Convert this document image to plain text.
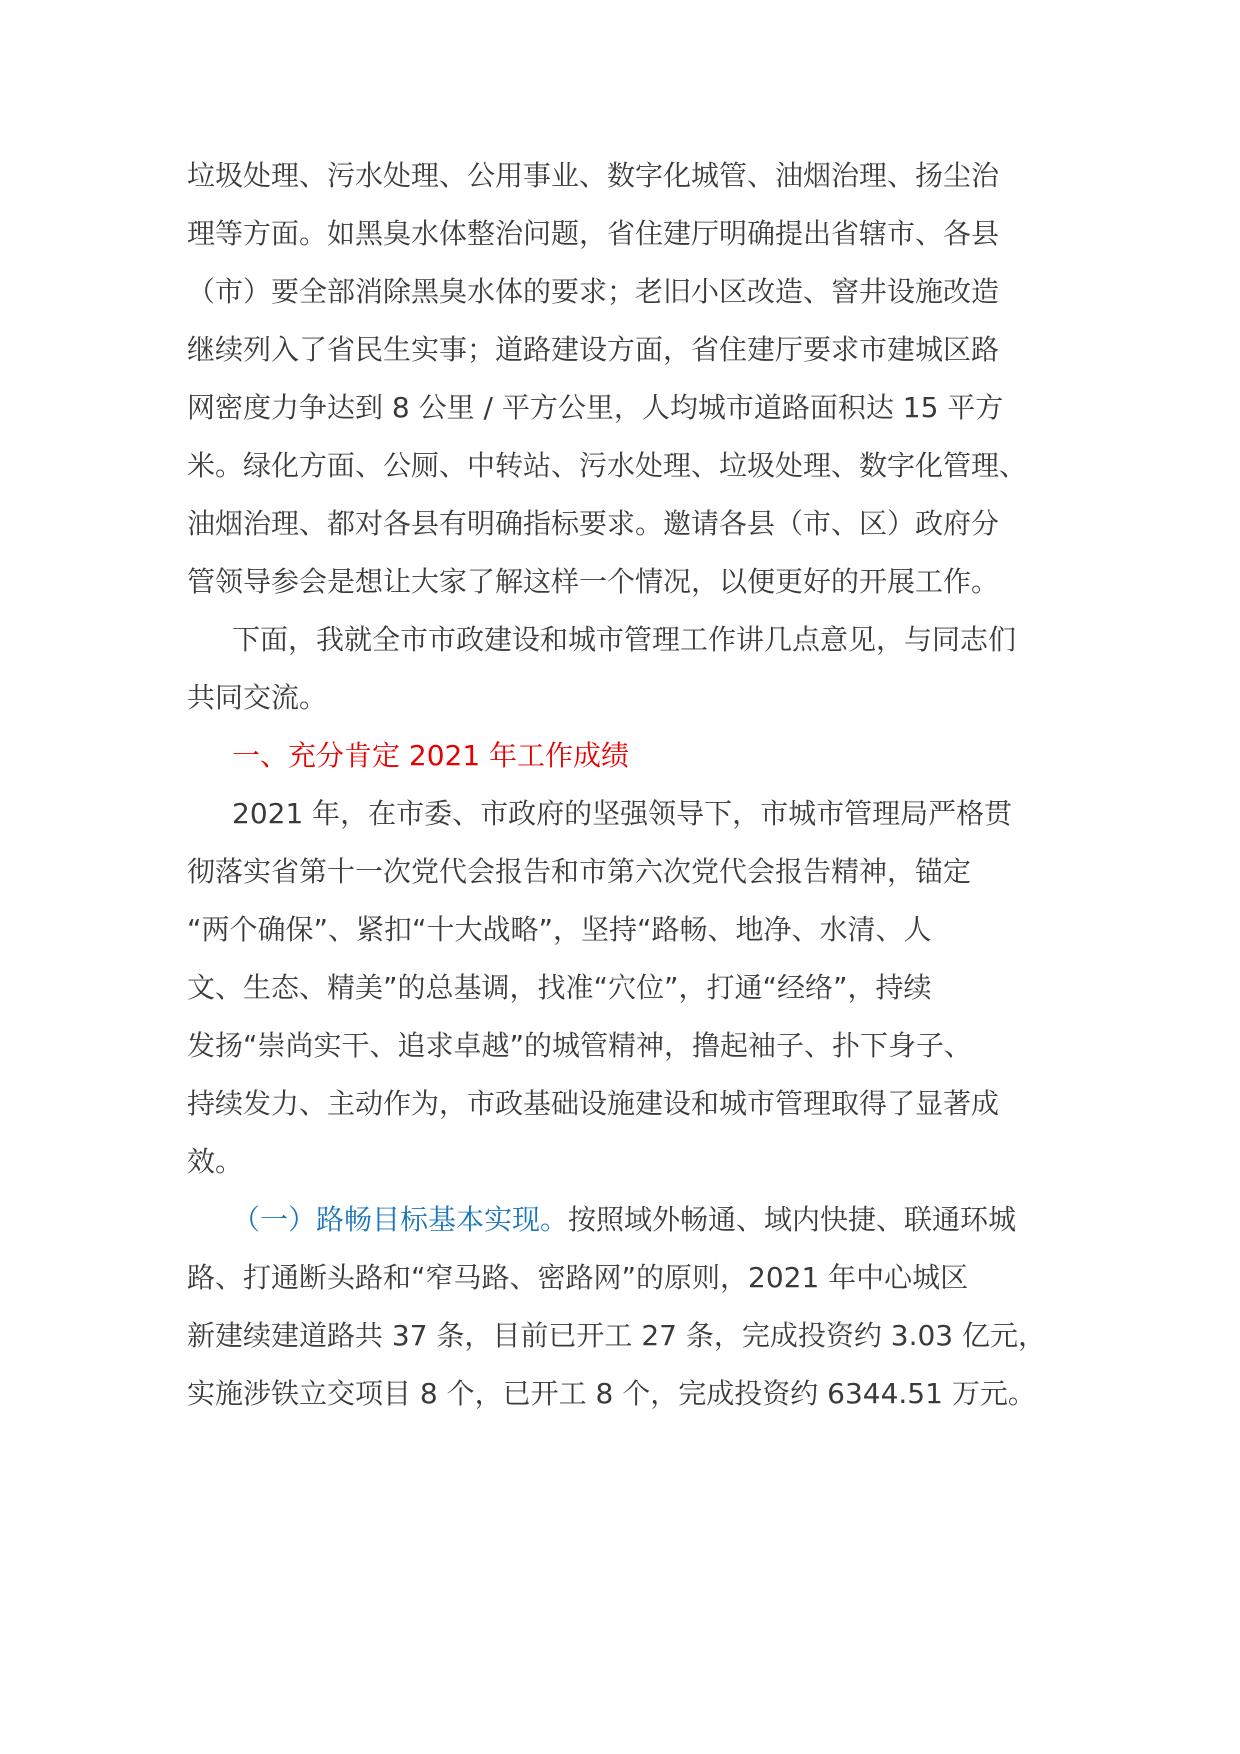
垃圾处理、污水处理、公用事业、数字化城管、油烟治理、扬尘治
理等方面。如黑臭水体整治问题，省住建厅明确提出省辖市、各县
（市）要全部消除黑臭水体的要求；老旧小区改造、窨井设施改造
继续列入了省民生实事；道路建设方面，省住建厅要求市建城区路
网密度力争达到 8 公里 / 平方公里，人均城市道路面积达 15 平方
米。绿化方面、公厕、中转站、污水处理、垃圾处理、数字化管理、
油烟治理、都对各县有明确指标要求。邀请各县（市、区）政府分
管领导参会是想让大家了解这样一个情况，以便更好的开展工作。
下面，我就全市市政建设和城市管理工作讲几点意见，与同志们
共同交流。
一、充分肯定 2021 年工作成绩
2021 年，在市委、市政府的坚强领导下，市城市管理局严格贯
彻落实省第十一次党代会报告和市第六次党代会报告精神，锚定
“两个确保”、紧扣“十大战略”，坚持“路畅、地净、水清、人
文、生态、精美”的总基调，找准“穴位”，打通“经络”，持续
发扬“崇尚实干、追求卓越”的城管精神，撸起袖子、扑下身子、
持续发力、主动作为，市政基础设施建设和城市管理取得了显著成
效。
（一）路畅目标基本实现。按照域外畅通、域内快捷、联通环城
路、打通断头路和“窄马路、密路网”的原则，2021 年中心城区
新建续建道路共 37 条，目前已开工 27 条，完成投资约 3.03 亿元，
实施涉铁立交项目 8 个，已开工 8 个，完成投资约 6344.51 万元。
